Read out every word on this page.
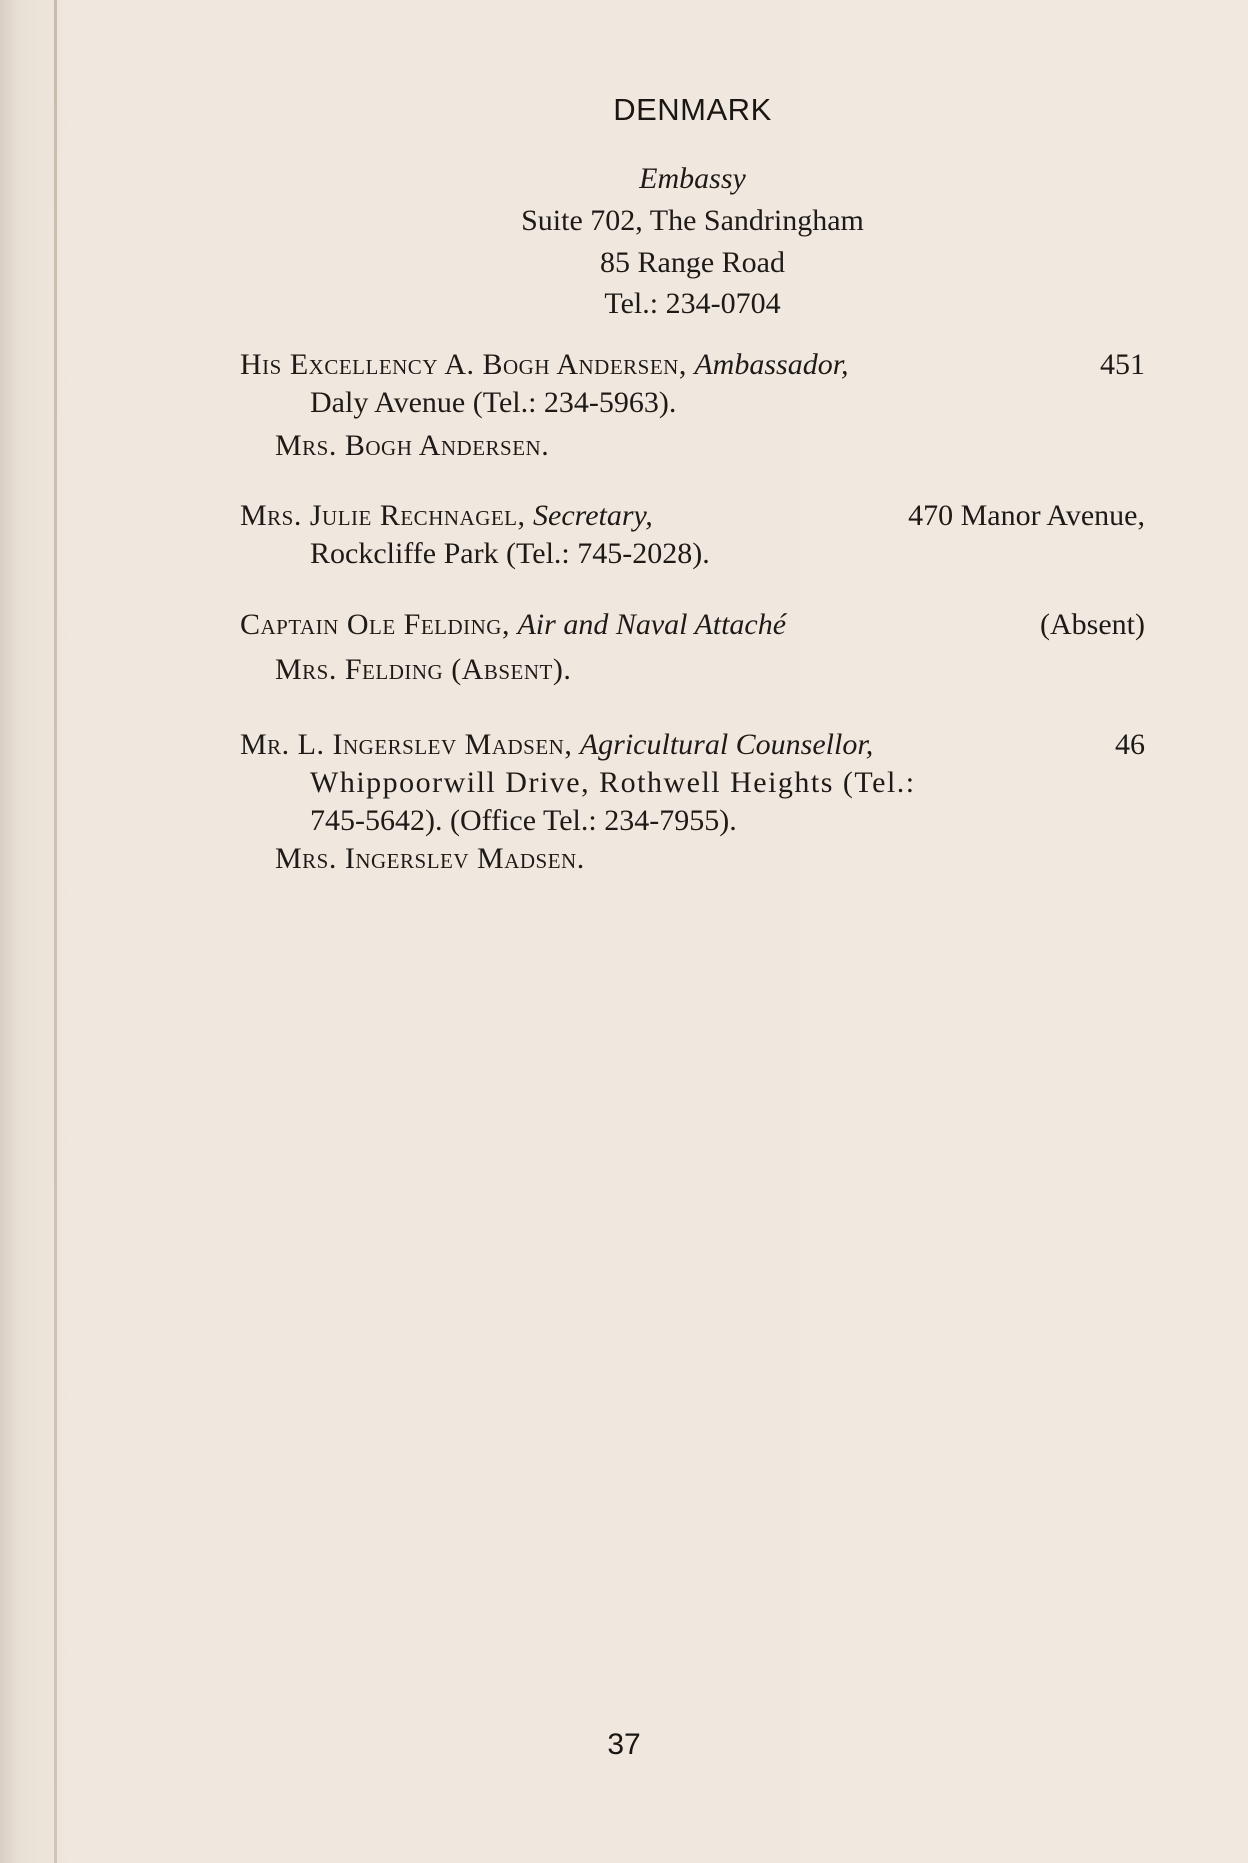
DENMARK
Embassy
Suite 702, The Sandringham
85 Range Road
Tel.: 234-0704
His Excellency A. Bogh Andersen, Ambassador,	451
Daly Avenue (Tel.: 234-5963).
Mrs. Bogh Andersen.
Mrs. Julie Rechnagel, Secretary,	470 Manor Avenue,
Rockcliffe Park (Tel.: 745-2028).
Captain Ole Felding, Air and Naval Attaché	(Absent)
Mrs. Felding (Absent).
Mr. L. Ingerslev Madsen, Agricultural Counsellor,	46
Whippoorwill Drive, Rothwell Heights (Tel.:
745-5642). (Office Tel.: 234-7955).
Mrs. Ingerslev Madsen.
37
